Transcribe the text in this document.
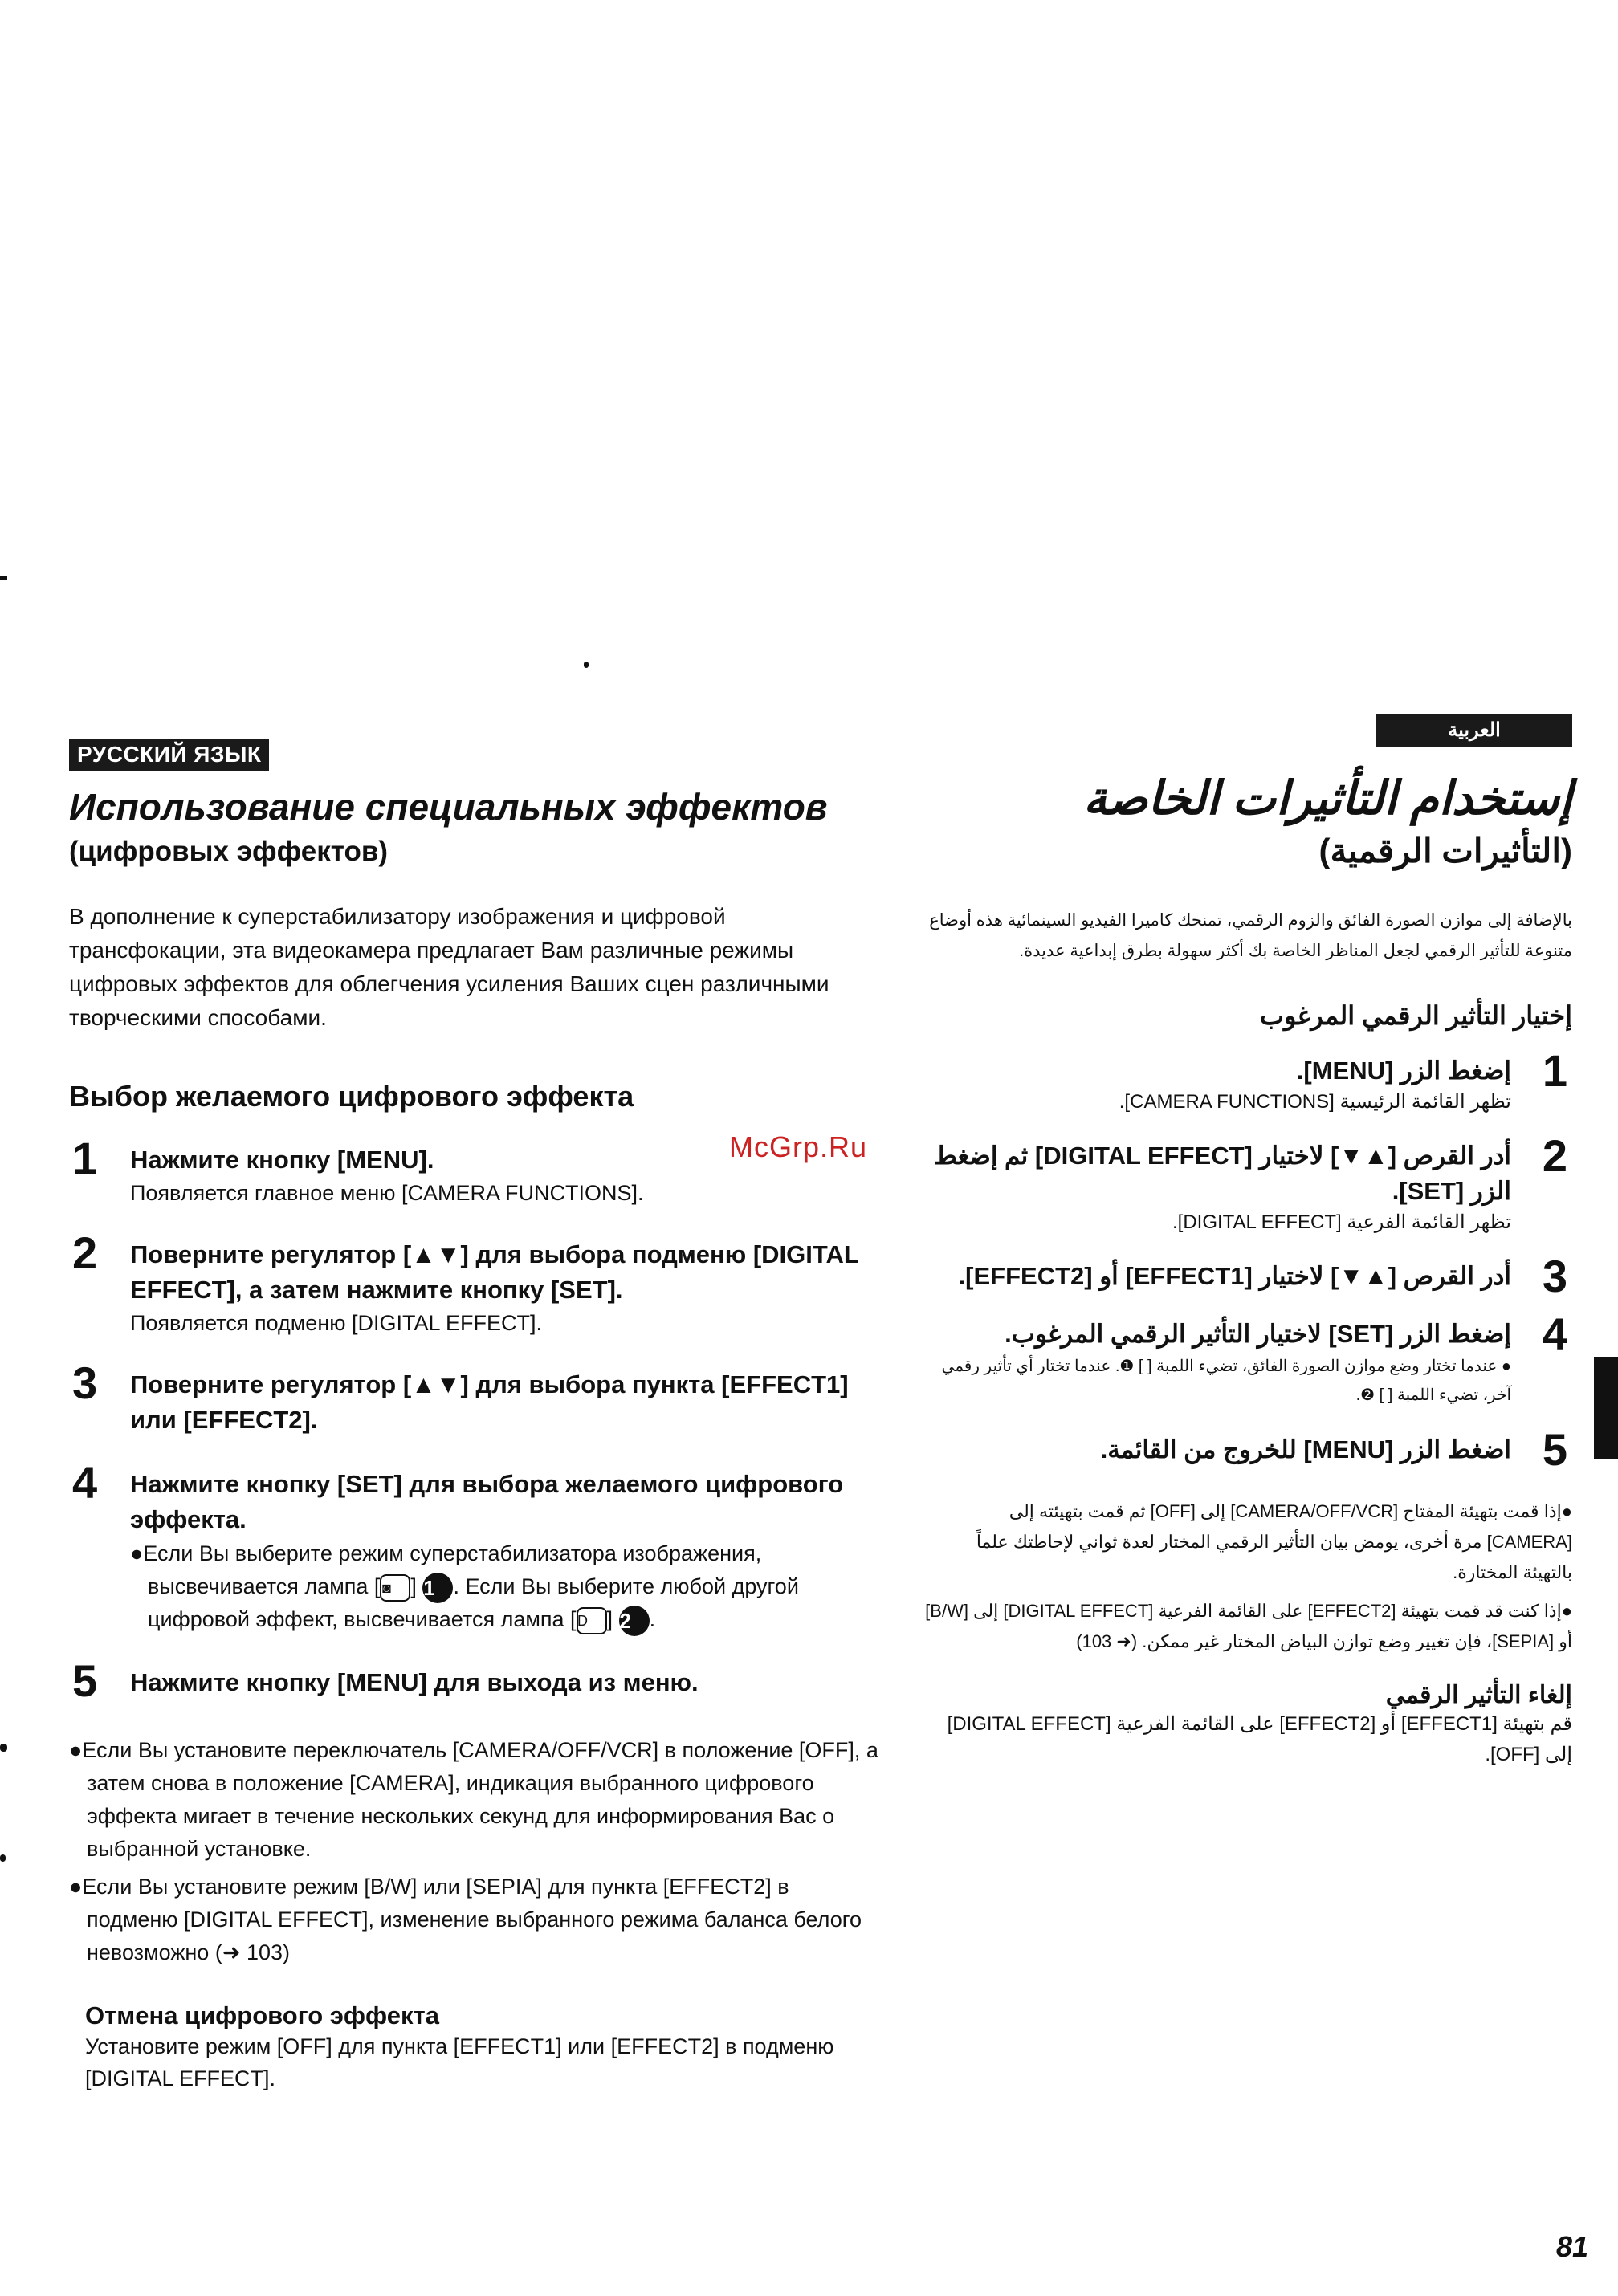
McGrp.Ru
81
РУССКИЙ ЯЗЫК
Использование специальных эффектов
(цифровых эффектов)
В дополнение к суперстабилизатору изображения и цифровой трансфокации, эта видеокамера предлагает Вам различные режимы цифровых эффектов для облегчения усиления Ваших сцен различными творческими способами.
Выбор желаемого цифрового эффекта
1 Нажмите кнопку [MENU].
Появляется главное меню [CAMERA FUNCTIONS].
2 Поверните регулятор [▲▼] для выбора подменю [DIGITAL EFFECT], а затем нажмите кнопку [SET].
Появляется подменю [DIGITAL EFFECT].
3 Поверните регулятор [▲▼] для выбора пункта [EFFECT1] или [EFFECT2].
4 Нажмите кнопку [SET] для выбора желаемого цифрового эффекта.
●Если Вы выберите режим суперстабилизатора изображения, высвечивается лампа [ ◙ ] 1 . Если Вы выберите любой другой цифровой эффект, высвечивается лампа [D ] 2 .
5 Нажмите кнопку [MENU] для выхода из меню.

●Если Вы установите переключатель [CAMERA/OFF/VCR] в положение [OFF], а затем снова в положение [CAMERA], индикация выбранного цифрового эффекта мигает в течение нескольких секунд для информирования Вас о выбранной установке.

●Если Вы установите режим [B/W] или [SEPIA] для пункта [EFFECT2] в подменю [DIGITAL EFFECT], изменение выбранного режима баланса белого невозможно (➜ 103)

Отмена цифрового эффекта
Установите режим [OFF] для пункта [EFFECT1] или [EFFECT2] в подменю [DIGITAL EFFECT].
العربية
إستخدام التأثيرات الخاصة
(التأثيرات الرقمية)
بالإضافة إلى موازن الصورة الفائق والزوم الرقمي، تمنحك كاميرا الفيديو السينمائية هذه أوضاع متنوعة للتأثير الرقمي لجعل المناظر الخاصة بك أكثر سهولة بطرق إبداعية عديدة.
إختيار التأثير الرقمي المرغوب
1
إضغط الزر [MENU].
تظهر القائمة الرئيسية [CAMERA FUNCTIONS].
2
أدر القرص [▲▼] لاختيار [DIGITAL EFFECT] ثم إضغط الزر [SET].
تظهر القائمة الفرعية [DIGITAL EFFECT].
3
أدر القرص [▲▼] لاختيار [EFFECT1] أو [EFFECT2].
4
إضغط الزر [SET] لاختيار التأثير الرقمي المرغوب.
● عندما تختار وضع موازن الصورة الفائق، تضيء اللمبة [ ] ❶. عندما تختار أي تأثير رقمي آخر، تضيء اللمبة [ ] ❷.
5
اضغط الزر [MENU] للخروج من القائمة.

●إذا قمت بتهيئة المفتاح [CAMERA/OFF/VCR] إلى [OFF] ثم قمت بتهيئته إلى [CAMERA] مرة أخرى، يومض بيان التأثير الرقمي المختار لعدة ثواني لإحاطتك علماً بالتهيئة المختارة.

●إذا كنت قد قمت بتهيئة [EFFECT2] على القائمة الفرعية [DIGITAL EFFECT] إلى [B/W] أو [SEPIA]، فإن تغيير وضع توازن البياض المختار غير ممكن. (➜ 103)

إلغاء التأثير الرقمي
قم بتهيئة [EFFECT1] أو [EFFECT2] على القائمة الفرعية [DIGITAL EFFECT] إلى [OFF].
